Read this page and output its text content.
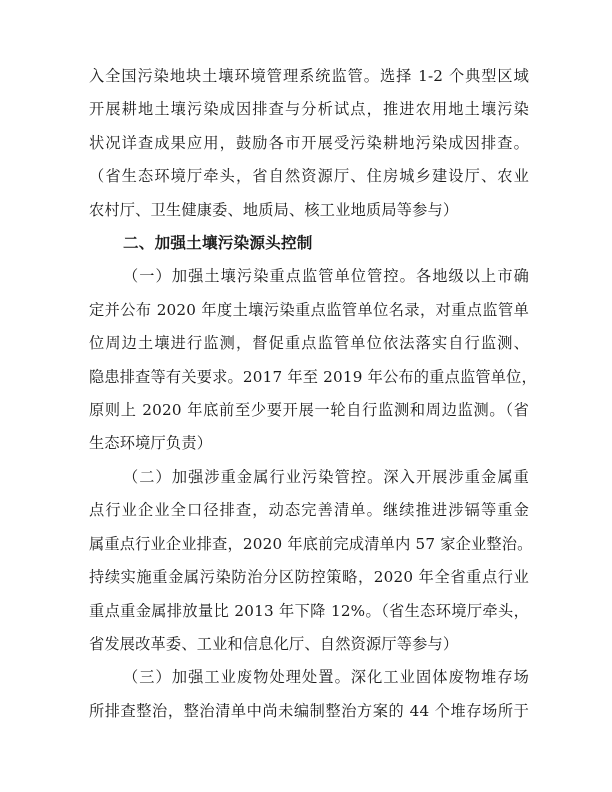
入全国污染地块土壤环境管理系统监管。选择 1-2 个典型区域
开展耕地土壤污染成因排查与分析试点，推进农用地土壤污染
状况详查成果应用，鼓励各市开展受污染耕地污染成因排查。
（省生态环境厅牵头，省自然资源厅、住房城乡建设厅、农业
农村厅、卫生健康委、地质局、核工业地质局等参与）
二、加强土壤污染源头控制
（一）加强土壤污染重点监管单位管控。各地级以上市确
定并公布 2020 年度土壤污染重点监管单位名录，对重点监管单
位周边土壤进行监测，督促重点监管单位依法落实自行监测、
隐患排查等有关要求。2017 年至 2019 年公布的重点监管单位，
原则上 2020 年底前至少要开展一轮自行监测和周边监测。（省
生态环境厅负责）
（二）加强涉重金属行业污染管控。深入开展涉重金属重
点行业企业全口径排查，动态完善清单。继续推进涉镉等重金
属重点行业企业排查，2020 年底前完成清单内 57 家企业整治。
持续实施重金属污染防治分区防控策略，2020 年全省重点行业
重点重金属排放量比 2013 年下降 12%。（省生态环境厅牵头，
省发展改革委、工业和信息化厅、自然资源厅等参与）
（三）加强工业废物处理处置。深化工业固体废物堆存场
所排查整治，整治清单中尚未编制整治方案的 44 个堆存场所于
